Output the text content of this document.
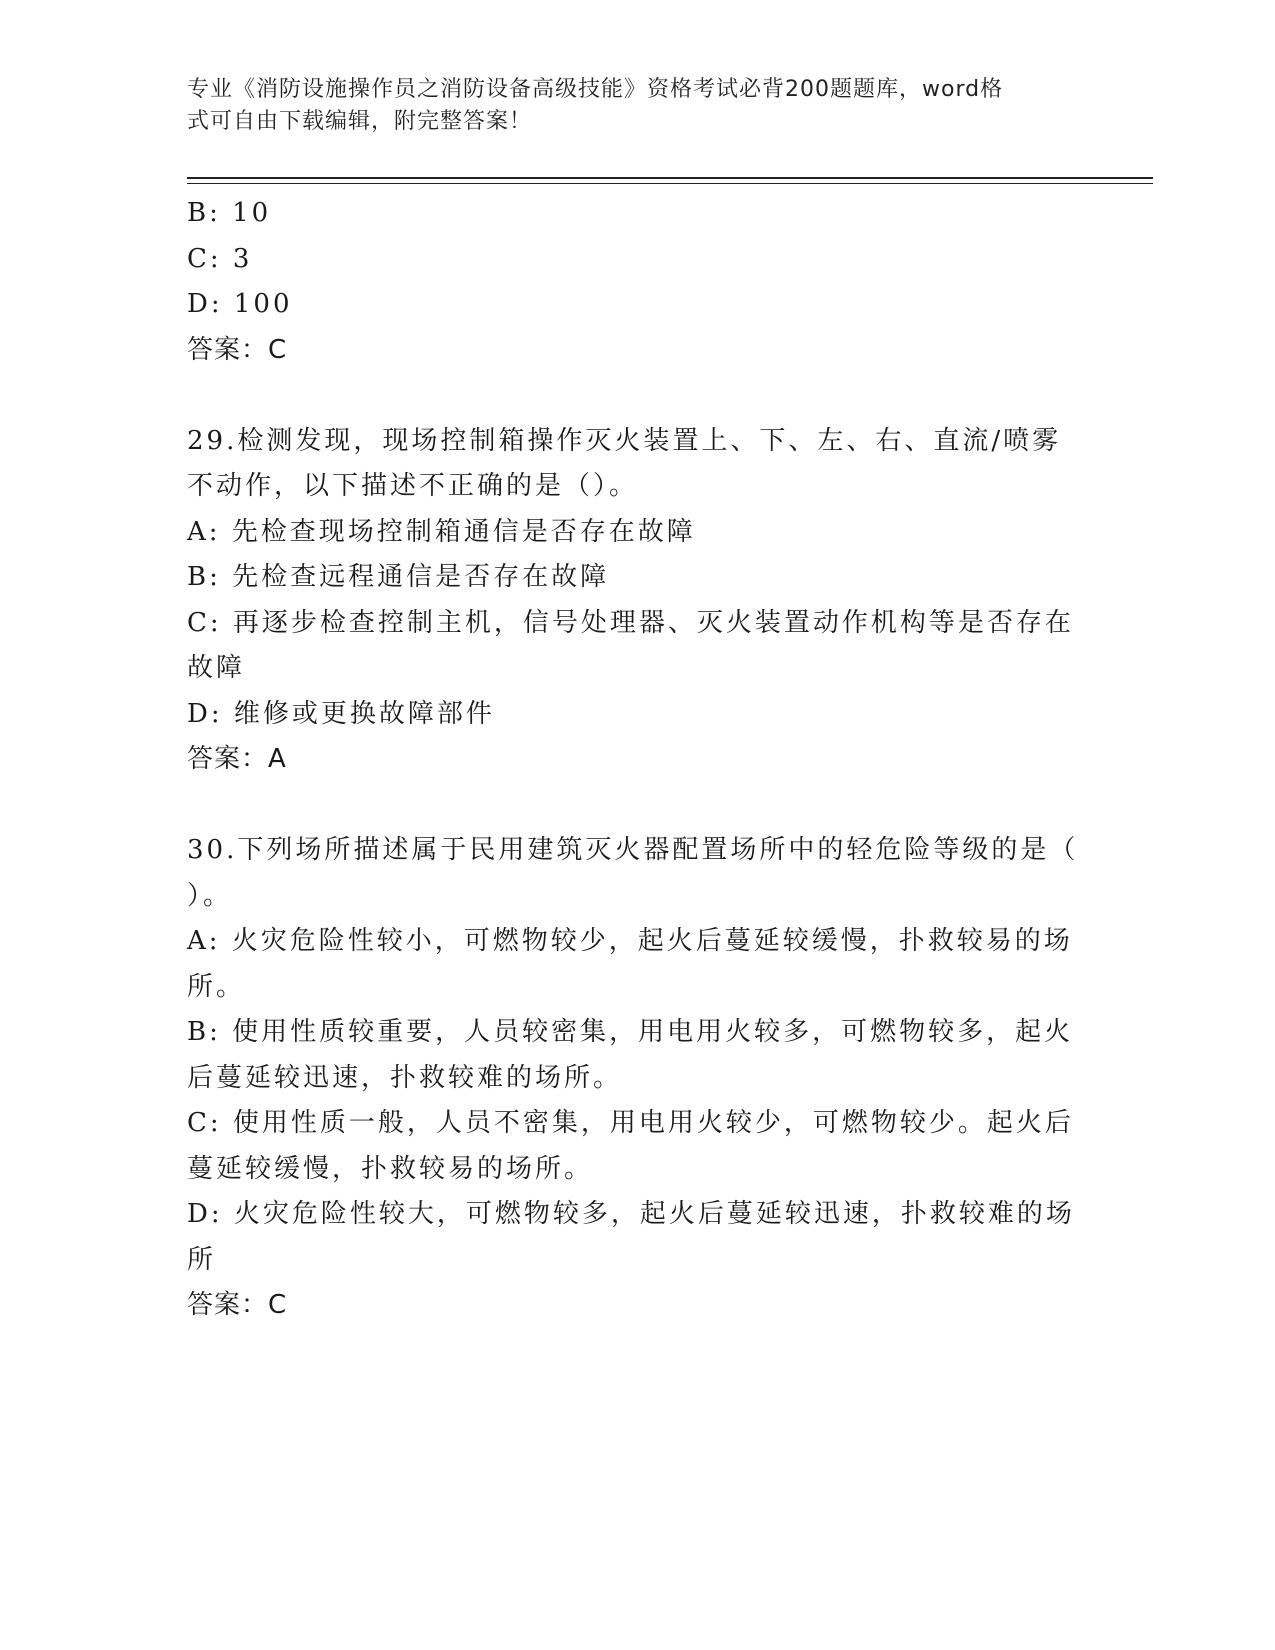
专业《消防设施操作员之消防设备高级技能》资格考试必背200题题库，word格
式可自由下载编辑，附完整答案！
B: 10
C: 3
D: 100
答案：C
29.检测发现，现场控制箱操作灭火装置上、下、左、右、直流/喷雾
不动作，以下描述不正确的是（）。
A: 先检查现场控制箱通信是否存在故障
B: 先检查远程通信是否存在故障
C: 再逐步检查控制主机，信号处理器、灭火装置动作机构等是否存在
故障
D: 维修或更换故障部件
答案：A
30.下列场所描述属于民用建筑灭火器配置场所中的轻危险等级的是（
）。
A: 火灾危险性较小，可燃物较少，起火后蔓延较缓慢，扑救较易的场
所。
B: 使用性质较重要，人员较密集，用电用火较多，可燃物较多，起火
后蔓延较迅速，扑救较难的场所。
C: 使用性质一般，人员不密集，用电用火较少，可燃物较少。起火后
蔓延较缓慢，扑救较易的场所。
D: 火灾危险性较大，可燃物较多，起火后蔓延较迅速，扑救较难的场
所
答案：C
